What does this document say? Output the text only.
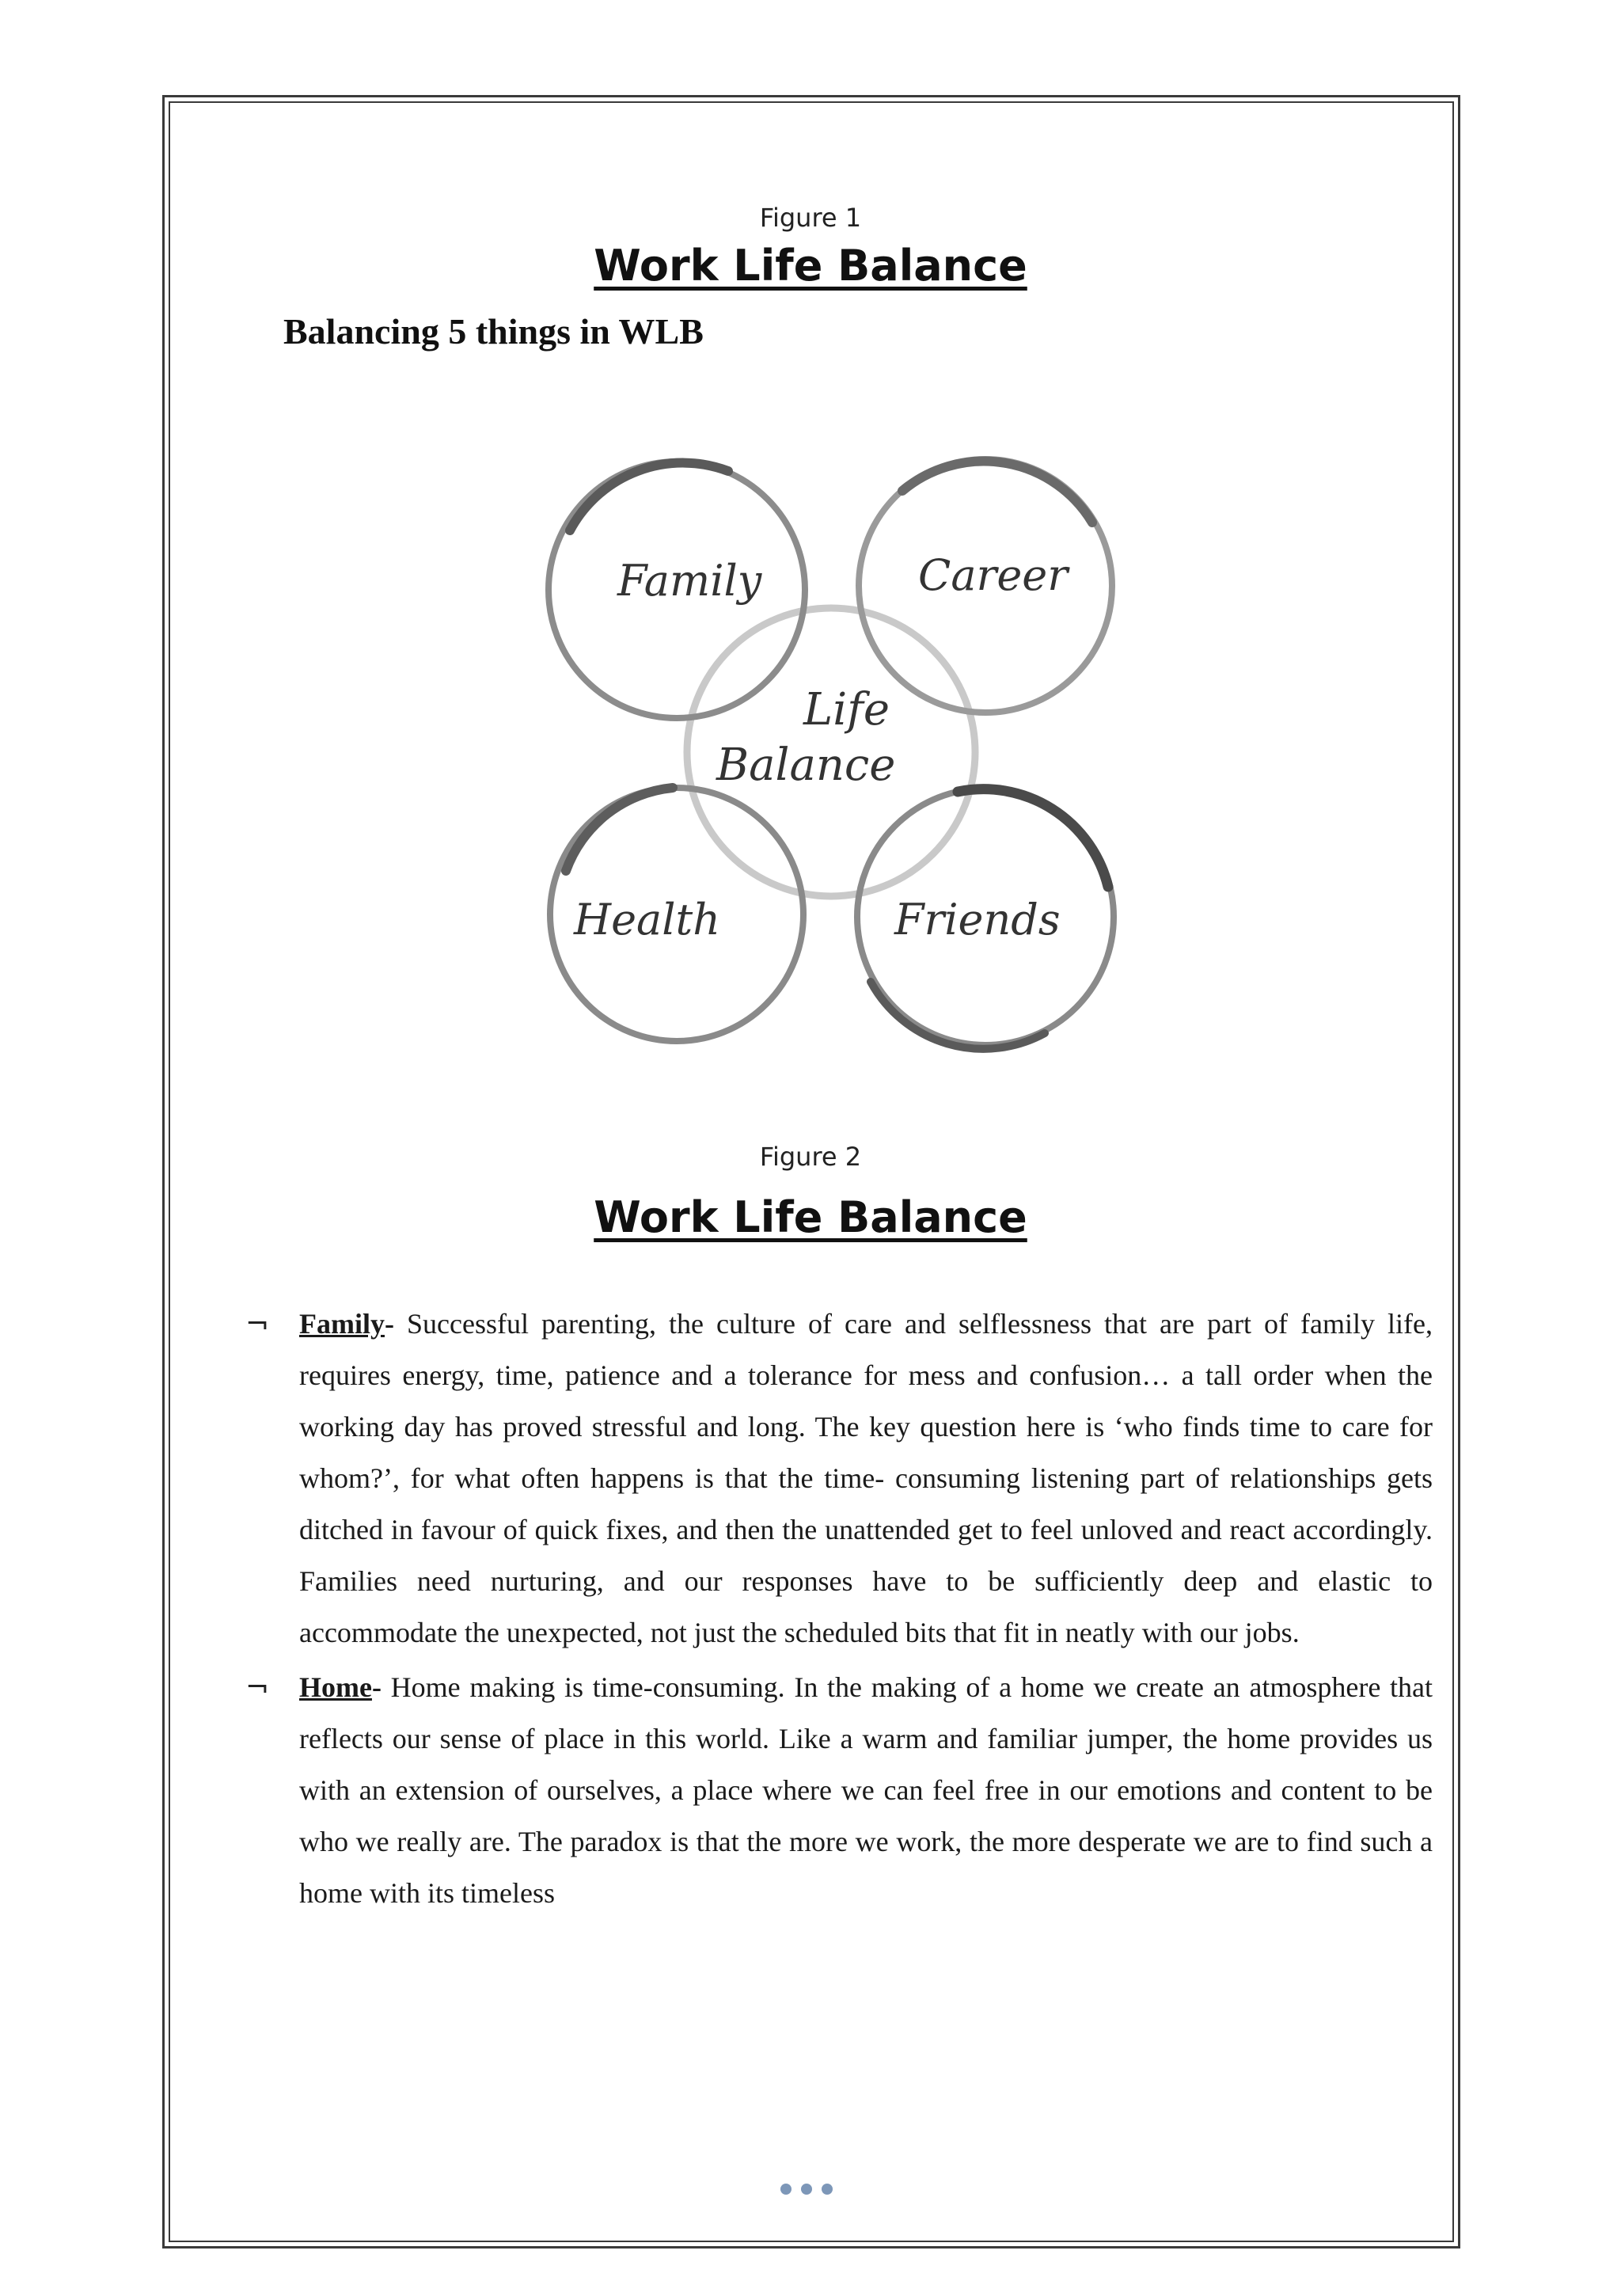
Figure 1
Work Life Balance
Balancing 5 things in WLB
Family	Career
Life
Balance
Health	Friends
Figure 2
Work Life Balance
¬ Family- Successful parenting, the culture of care and selflessness that are part of family life, requires energy, time, patience and a tolerance for mess and confusion… a tall order when the working day has proved stressful and long. The key question here is ‘who finds time to care for whom?’, for what often happens is that the time- consuming listening part of relationships gets ditched in favour of quick fixes, and then the unattended get to feel unloved and react accordingly. Families need nurturing, and our responses have to be sufficiently deep and elastic to accommodate the unexpected, not just the scheduled bits that fit in neatly with our jobs.

¬ Home- Home making is time-consuming. In the making of a home we create an atmosphere that reflects our sense of place in this world. Like a warm and familiar jumper, the home provides us with an extension of ourselves, a place where we can feel free in our emotions and content to be who we really are. The paradox is that the more we work, the more desperate we are to find such a home with its timeless
